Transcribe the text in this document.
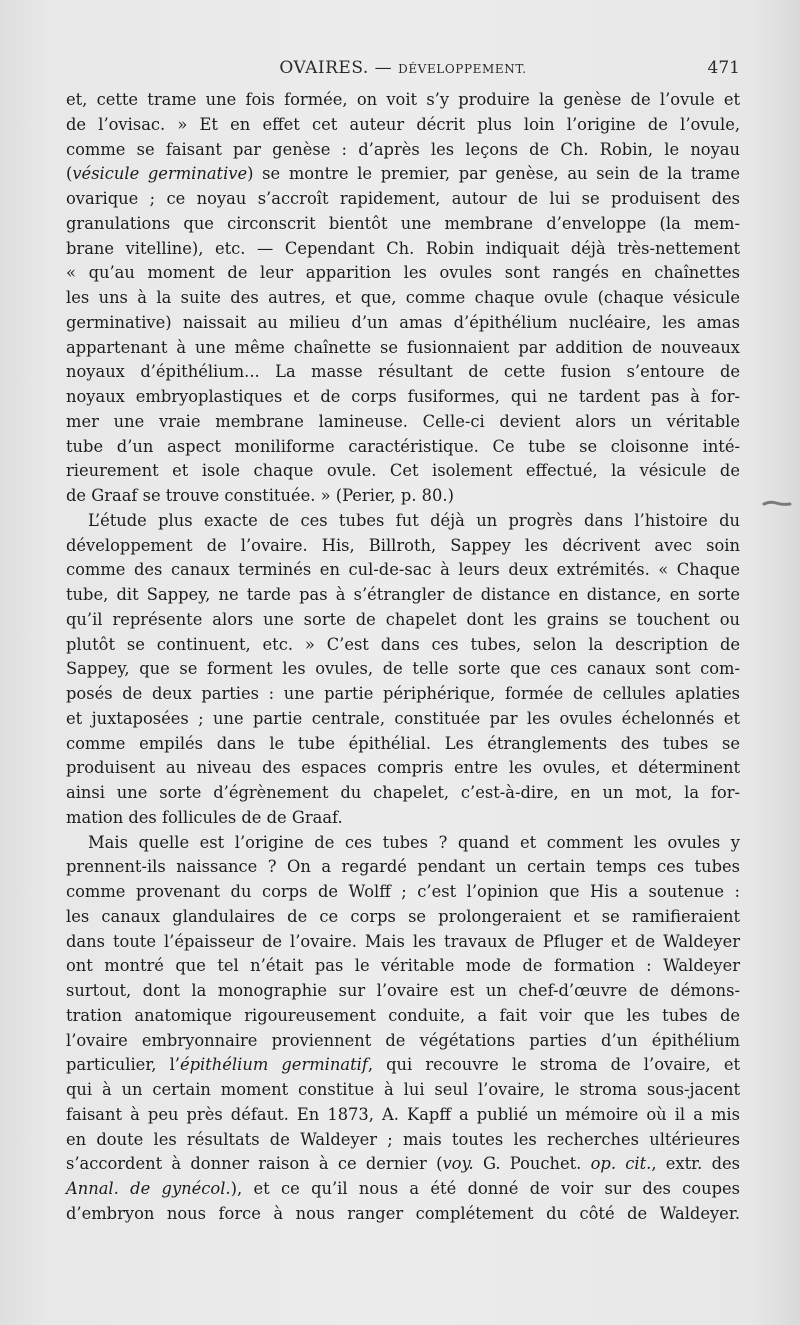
OVAIRES. — DÉVELOPPEMENT.	471
et, cette trame une fois formée, on voit s’y produire la genèse de l’ovule et
de l’ovisac. » Et en effet cet auteur décrit plus loin l’origine de l’ovule,
comme se faisant par genèse : d’après les leçons de Ch. Robin, le noyau
(vésicule germinative) se montre le premier, par genèse, au sein de la trame
ovarique ; ce noyau s’accroît rapidement, autour de lui se produisent des
granulations que circonscrit bientôt une membrane d’enveloppe (la mem-
brane vitelline), etc. — Cependant Ch. Robin indiquait déjà très-nettement
« qu’au moment de leur apparition les ovules sont rangés en chaînettes
les uns à la suite des autres, et que, comme chaque ovule (chaque vésicule
germinative) naissait au milieu d’un amas d’épithélium nucléaire, les amas
appartenant à une même chaînette se fusionnaient par addition de nouveaux
noyaux d’épithélium... La masse résultant de cette fusion s’entoure de
noyaux embryoplastiques et de corps fusiformes, qui ne tardent pas à for-
mer une vraie membrane lamineuse. Celle-ci devient alors un véritable
tube d’un aspect moniliforme caractéristique. Ce tube se cloisonne inté-
rieurement et isole chaque ovule. Cet isolement effectué, la vésicule de
de Graaf se trouve constituée. » (Perier, p. 80.)
L’étude plus exacte de ces tubes fut déjà un progrès dans l’histoire du
développement de l’ovaire. His, Billroth, Sappey les décrivent avec soin
comme des canaux terminés en cul-de-sac à leurs deux extrémités. « Chaque
tube, dit Sappey, ne tarde pas à s’étrangler de distance en distance, en sorte
qu’il représente alors une sorte de chapelet dont les grains se touchent ou
plutôt se continuent, etc. » C’est dans ces tubes, selon la description de
Sappey, que se forment les ovules, de telle sorte que ces canaux sont com-
posés de deux parties : une partie périphérique, formée de cellules aplaties
et juxtaposées ; une partie centrale, constituée par les ovules échelonnés et
comme empilés dans le tube épithélial. Les étranglements des tubes se
produisent au niveau des espaces compris entre les ovules, et déterminent
ainsi une sorte d’égrènement du chapelet, c’est-à-dire, en un mot, la for-
mation des follicules de de Graaf.
Mais quelle est l’origine de ces tubes ? quand et comment les ovules y
prennent-ils naissance ? On a regardé pendant un certain temps ces tubes
comme provenant du corps de Wolff ; c’est l’opinion que His a soutenue :
les canaux glandulaires de ce corps se prolongeraient et se ramifieraient
dans toute l’épaisseur de l’ovaire. Mais les travaux de Pfluger et de Waldeyer
ont montré que tel n’était pas le véritable mode de formation : Waldeyer
surtout, dont la monographie sur l’ovaire est un chef-d’œuvre de démons-
tration anatomique rigoureusement conduite, a fait voir que les tubes de
l’ovaire embryonnaire proviennent de végétations parties d’un épithélium
particulier, l’épithélium germinatif, qui recouvre le stroma de l’ovaire, et
qui à un certain moment constitue à lui seul l’ovaire, le stroma sous-jacent
faisant à peu près défaut. En 1873, A. Kapff a publié un mémoire où il a mis
en doute les résultats de Waldeyer ; mais toutes les recherches ultérieures
s’accordent à donner raison à ce dernier (voy. G. Pouchet. op. cit., extr. des
Annal. de gynécol.), et ce qu’il nous a été donné de voir sur des coupes
d’embryon nous force à nous ranger complétement du côté de Waldeyer.
